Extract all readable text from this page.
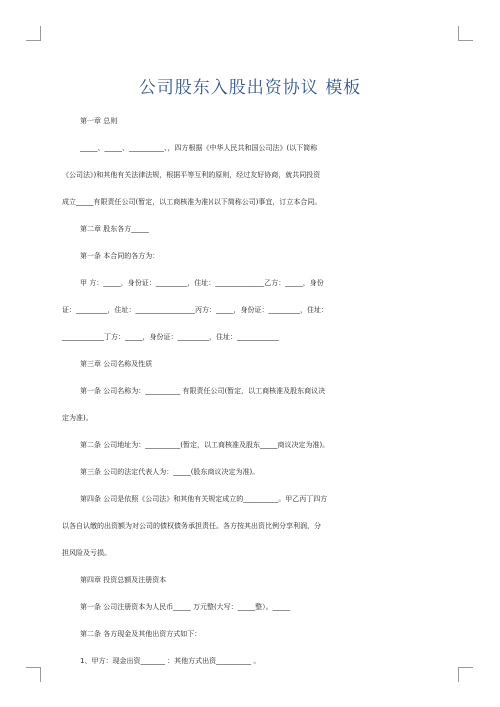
公司股东入股出资协议 模板

第一章 总则

_____、_____、__________、，四方根据《中华人民共和国公司法》(以下简称

《公司法》)和其他有关法律法规，根据平等互利的原则，经过友好协商，就共同投资

成立_____有限责任公司(暂定，以工商核准为准)(以下简称公司)事宜，订立本合同。

第二章 股东各方_____

第一条 本合同的各方为：

甲 方：_____，身份证：_________，住址：______________乙方：_____，身份

证：_________，住址：_________________丙方：_____，身份证：_________，住址：

____________丁方：_____，身份证：_________，住址：____________

第三章 公司名称及性质

第一条 公司名称为：__________ 有限责任公司(暂定，以工商核准及股东商议决

定为准)。

第二条 公司地址为：__________(暂定，以工商核准及股东_____商议决定为准)。

第三条 公司的法定代表人为：_____(股东商议决定为准)。

第四条 公司是依照《公司法》和其他有关规定成立的__________。甲乙丙丁四方

以各自认缴的出资额为对公司的债权债务承担责任。各方按其出资比例分享利润，分

担风险及亏损。

第四章 投资总额及注册资本

第一条 公司注册资本为人民币_____ 万元整(大写：_____整）。_____

第二条 各方现金及其他出资方式如下：

1、甲方：现金出资_______ ：其他方式出资__________ 。
